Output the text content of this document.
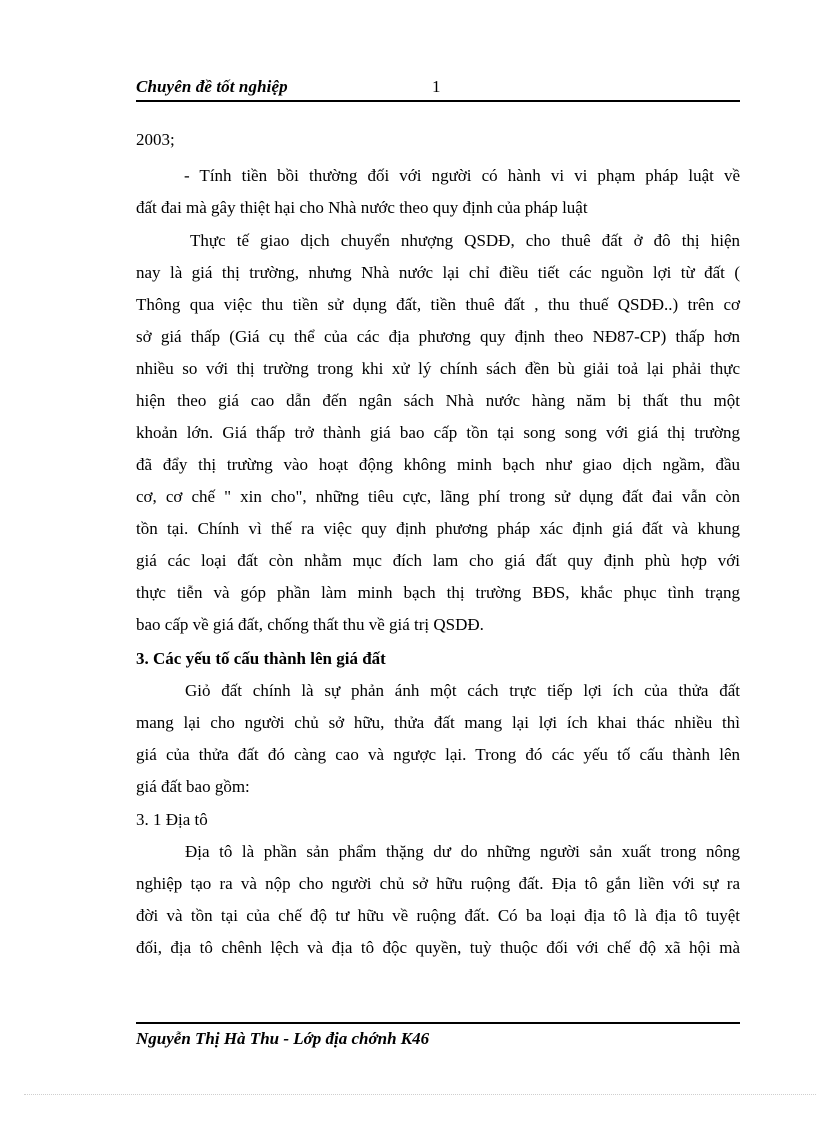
Chuyên đề tốt nghiệp	1
2003;
- Tính tiền bồi thường đối với người có hành vi vi phạm pháp luật về
đất đai mà gây thiệt hại cho Nhà nước theo quy định của pháp luật
Thực tế giao dịch chuyển nhượng QSDĐ, cho thuê đất ở đô thị hiện
nay là giá thị trường, nhưng Nhà nước lại chỉ điều tiết các nguồn lợi từ đất (
Thông qua việc thu tiền sử dụng đất, tiền thuê đất , thu thuế QSDĐ..) trên cơ
sở giá thấp (Giá cụ thể của các địa phương quy định theo NĐ87-CP) thấp hơn
nhiều so với thị trường trong khi xử lý chính sách đền bù giải toả lại phải thực
hiện theo giá cao dẫn đến ngân sách Nhà nước hàng năm bị thất thu một
khoản lớn. Giá thấp trở thành giá bao cấp tồn tại song song với giá thị trường
đã đẩy thị trưừng vào hoạt động không minh bạch như giao dịch ngầm, đầu
cơ, cơ chế " xin cho", những tiêu cực, lãng phí trong sử dụng đất đai vẫn còn
tồn tại. Chính vì thế ra việc quy định phương pháp xác định giá đất và khung
giá các loại đất còn nhằm mục đích lam cho giá đất quy định phù hợp với
thực tiễn và góp phần làm minh bạch thị trường BĐS, khắc phục tình trạng
bao cấp về giá đất, chống thất thu về giá trị QSDĐ.
3. Các yếu tố cấu thành lên giá đất
Giỏ đất chính là sự phản ánh một cách trực tiếp lợi ích của thửa đất
mang lại cho người chủ sở hữu, thửa đất mang lại lợi ích khai thác nhiều thì
giá của thửa đất đó càng cao và ngược lại. Trong đó các yếu tố cấu thành lên
giá đất bao gồm:
3. 1 Địa tô
Địa tô là phần sản phẩm thặng dư do những người sản xuất trong nông
nghiệp tạo ra và nộp cho người chủ sở hữu ruộng đất. Địa tô gắn liền với sự ra
đời và tồn tại của chế độ tư hữu về ruộng đất. Có ba loại địa tô là địa tô tuyệt
đối, địa tô chênh lệch và địa tô độc quyền, tuỳ thuộc đối với chế độ xã hội mà
Nguyễn Thị Hà Thu - Lớp địa chớnh K46
